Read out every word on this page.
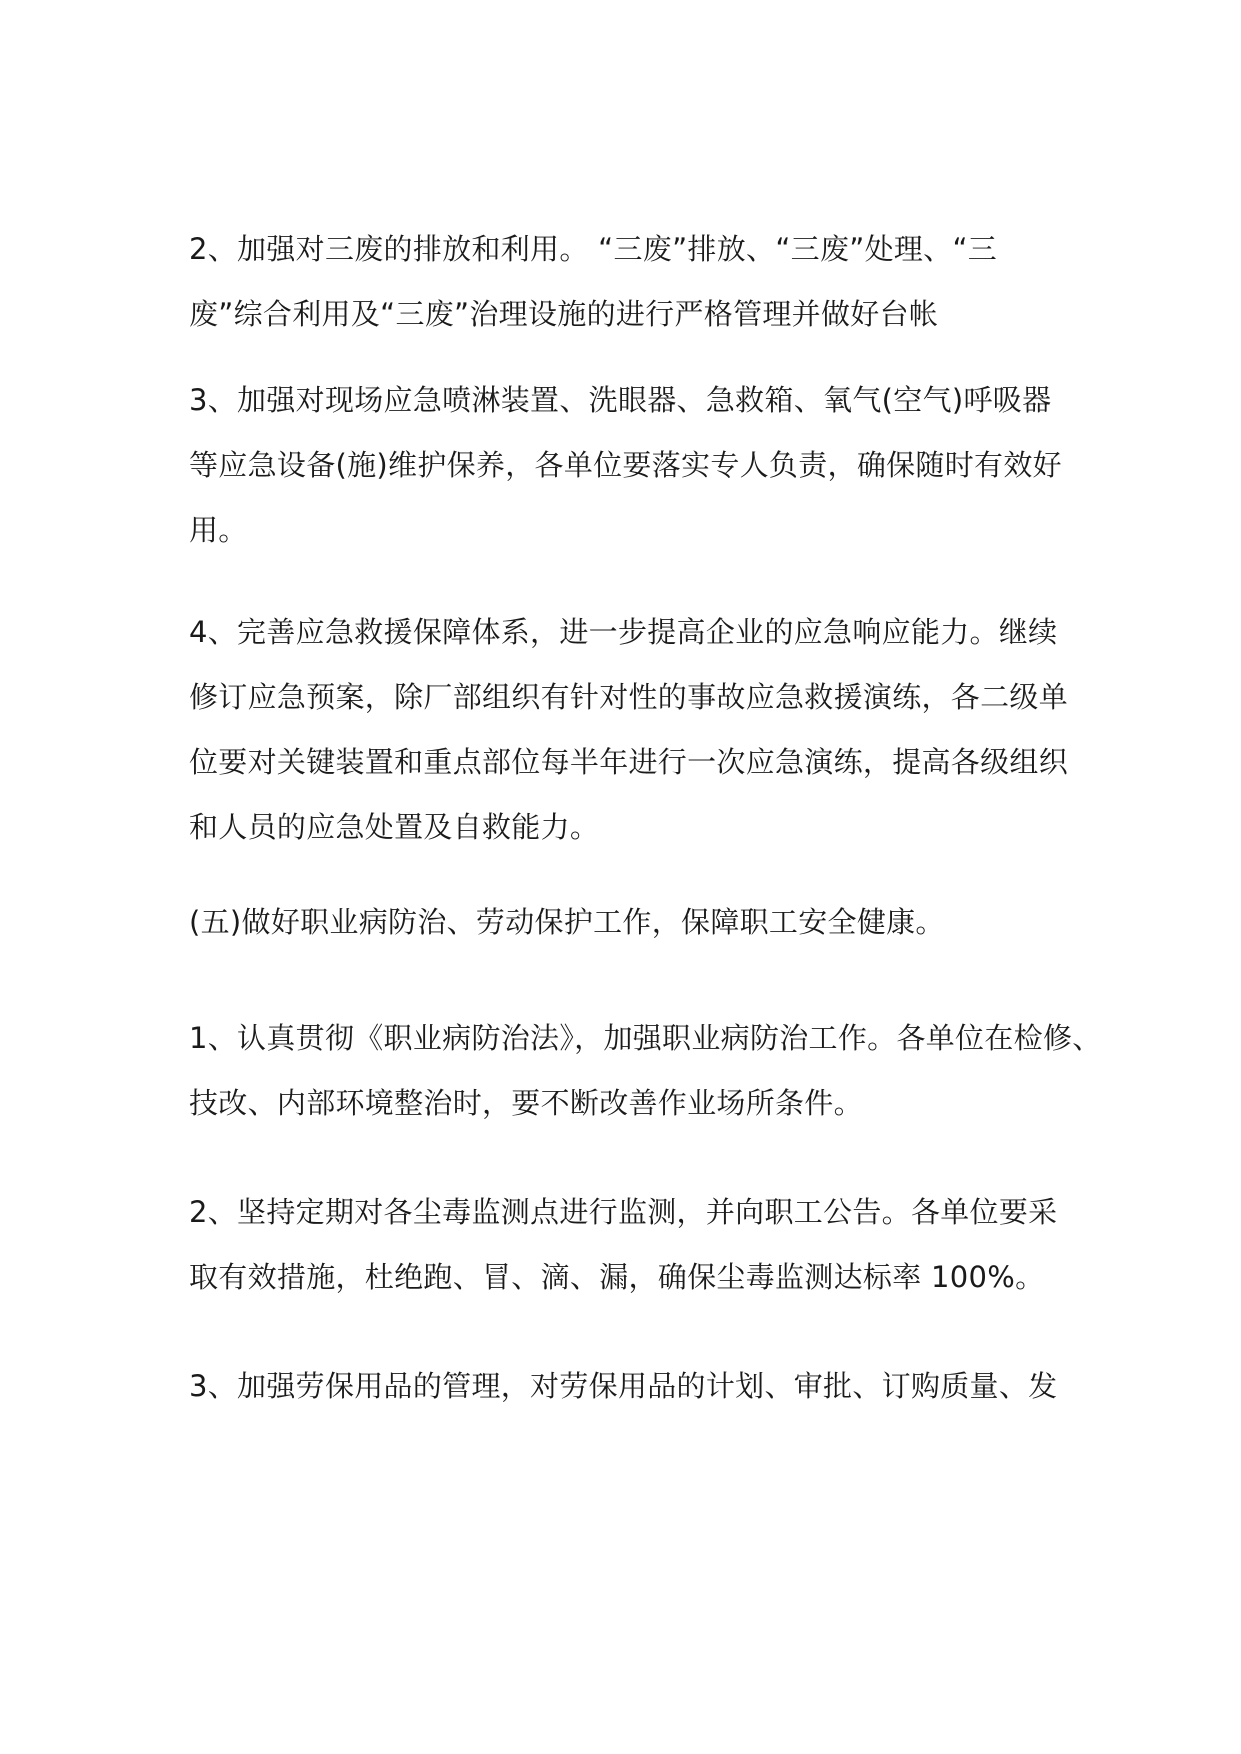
2、加强对三废的排放和利用。 “三废”排放、“三废”处理、“三
废”综合利用及“三废”治理设施的进行严格管理并做好台帐

3、加强对现场应急喷淋装置、洗眼器、急救箱、氧气(空气)呼吸器
等应急设备(施)维护保养，各单位要落实专人负责，确保随时有效好
用。

4、完善应急救援保障体系，进一步提高企业的应急响应能力。继续
修订应急预案，除厂部组织有针对性的事故应急救援演练，各二级单
位要对关键装置和重点部位每半年进行一次应急演练，提高各级组织
和人员的应急处置及自救能力。

(五)做好职业病防治、劳动保护工作，保障职工安全健康。

1、认真贯彻《职业病防治法》，加强职业病防治工作。各单位在检修、
技改、内部环境整治时，要不断改善作业场所条件。

2、坚持定期对各尘毒监测点进行监测，并向职工公告。各单位要采
取有效措施，杜绝跑、冒、滴、漏，确保尘毒监测达标率 100%。

3、加强劳保用品的管理，对劳保用品的计划、审批、订购质量、发
